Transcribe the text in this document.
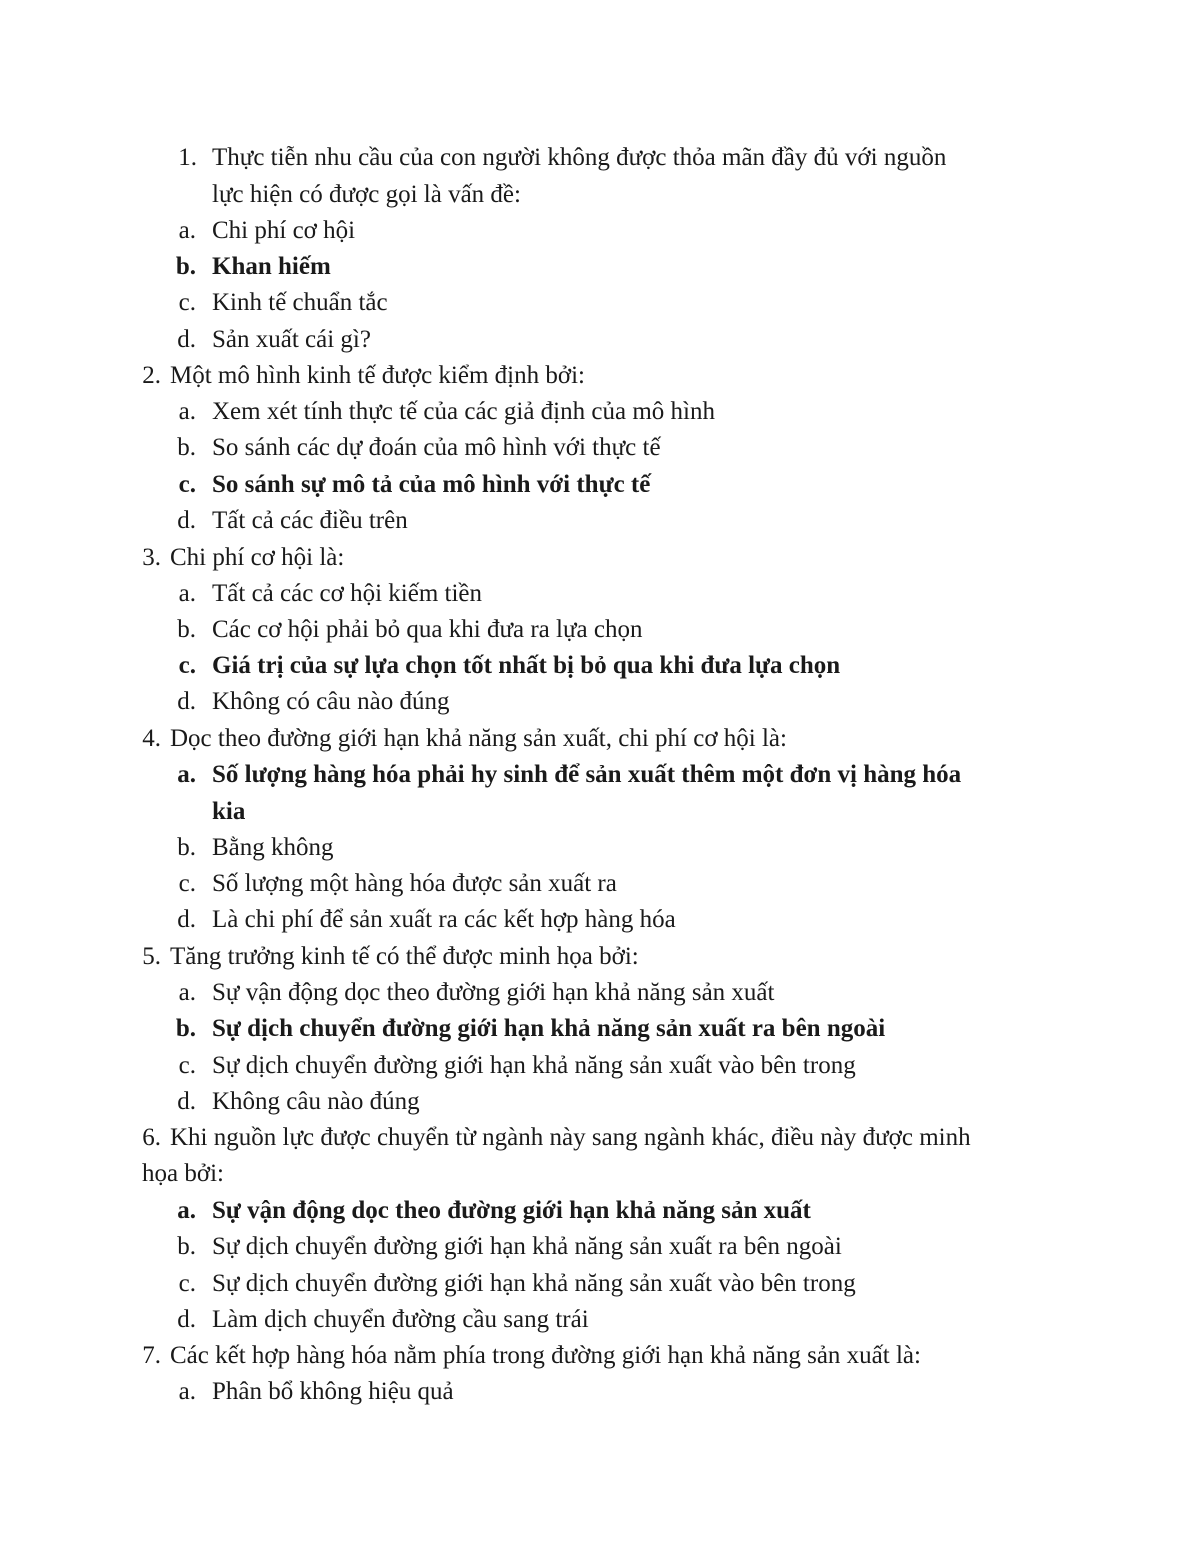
1. Thực tiễn nhu cầu của con người không được thỏa mãn đầy đủ với nguồn
lực hiện có được gọi là vấn đề:
a. Chi phí cơ hội
b. Khan hiếm
c. Kinh tế chuẩn tắc
d. Sản xuất cái gì?
2. Một mô hình kinh tế được kiểm định bởi:
a. Xem xét tính thực tế của các giả định của mô hình
b. So sánh các dự đoán của mô hình với thực tế
c. So sánh sự mô tả của mô hình với thực tế
d. Tất cả các điều trên
3. Chi phí cơ hội là:
a. Tất cả các cơ hội kiếm tiền
b. Các cơ hội phải bỏ qua khi đưa ra lựa chọn
c. Giá trị của sự lựa chọn tốt nhất bị bỏ qua khi đưa lựa chọn
d. Không có câu nào đúng
4. Dọc theo đường giới hạn khả năng sản xuất, chi phí cơ hội là:
a. Số lượng hàng hóa phải hy sinh để sản xuất thêm một đơn vị hàng hóa
kia
b. Bằng không
c. Số lượng một hàng hóa được sản xuất ra
d. Là chi phí để sản xuất ra các kết hợp hàng hóa
5. Tăng trưởng kinh tế có thể được minh họa bởi:
a. Sự vận động dọc theo đường giới hạn khả năng sản xuất
b. Sự dịch chuyển đường giới hạn khả năng sản xuất ra bên ngoài
c. Sự dịch chuyển đường giới hạn khả năng sản xuất vào bên trong
d. Không câu nào đúng
6. Khi nguồn lực được chuyển từ ngành này sang ngành khác, điều này được minh
họa bởi:
a. Sự vận động dọc theo đường giới hạn khả năng sản xuất
b. Sự dịch chuyển đường giới hạn khả năng sản xuất ra bên ngoài
c. Sự dịch chuyển đường giới hạn khả năng sản xuất vào bên trong
d. Làm dịch chuyển đường cầu sang trái
7. Các kết hợp hàng hóa nằm phía trong đường giới hạn khả năng sản xuất là:
a. Phân bổ không hiệu quả
